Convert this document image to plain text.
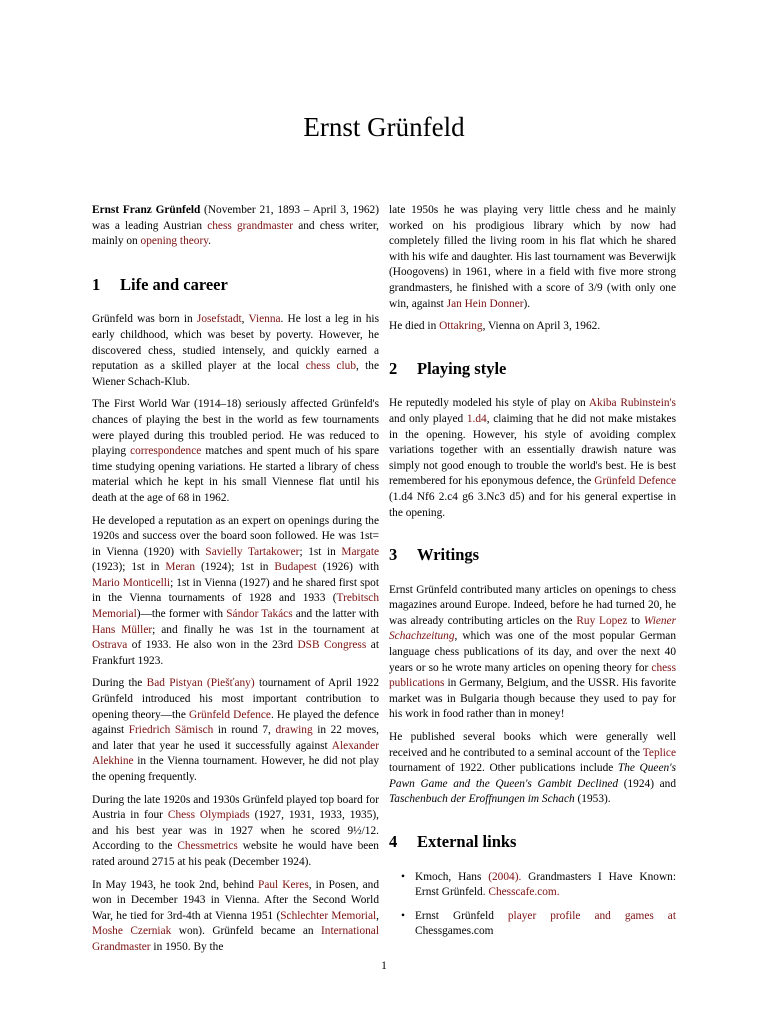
Ernst Grünfeld

Ernst Franz Grünfeld (November 21, 1893 – April 3, 1962) was a leading Austrian chess grandmaster and chess writer, mainly on opening theory.

1 Life and career

Grünfeld was born in Josefstadt, Vienna. He lost a leg in his early childhood, which was beset by poverty. However, he discovered chess, studied intensely, and quickly earned a reputation as a skilled player at the local chess club, the Wiener Schach-Klub.

The First World War (1914–18) seriously affected Grünfeld's chances of playing the best in the world as few tournaments were played during this troubled period. He was reduced to playing correspondence matches and spent much of his spare time studying opening variations. He started a library of chess material which he kept in his small Viennese flat until his death at the age of 68 in 1962.

He developed a reputation as an expert on openings during the 1920s and success over the board soon followed. He was 1st= in Vienna (1920) with Savielly Tartakower; 1st in Margate (1923); 1st in Meran (1924); 1st in Budapest (1926) with Mario Monticelli; 1st in Vienna (1927) and he shared first spot in the Vienna tournaments of 1928 and 1933 (Trebitsch Memorial)—the former with Sándor Takács and the latter with Hans Müller; and finally he was 1st in the tournament at Ostrava of 1933. He also won in the 23rd DSB Congress at Frankfurt 1923.

During the Bad Pistyan (Piešťany) tournament of April 1922 Grünfeld introduced his most important contribution to opening theory—the Grünfeld Defence. He played the defence against Friedrich Sämisch in round 7, drawing in 22 moves, and later that year he used it successfully against Alexander Alekhine in the Vienna tournament. However, he did not play the opening frequently.

During the late 1920s and 1930s Grünfeld played top board for Austria in four Chess Olympiads (1927, 1931, 1933, 1935), and his best year was in 1927 when he scored 9½/12. According to the Chessmetrics website he would have been rated around 2715 at his peak (December 1924).

In May 1943, he took 2nd, behind Paul Keres, in Posen, and won in December 1943 in Vienna. After the Second World War, he tied for 3rd-4th at Vienna 1951 (Schlechter Memorial, Moshe Czerniak won). Grünfeld became an International Grandmaster in 1950. By the

late 1950s he was playing very little chess and he mainly worked on his prodigious library which by now had completely filled the living room in his flat which he shared with his wife and daughter. His last tournament was Beverwijk (Hoogovens) in 1961, where in a field with five more strong grandmasters, he finished with a score of 3/9 (with only one win, against Jan Hein Donner).

He died in Ottakring, Vienna on April 3, 1962.

2 Playing style

He reputedly modeled his style of play on Akiba Rubinstein's and only played 1.d4, claiming that he did not make mistakes in the opening. However, his style of avoiding complex variations together with an essentially drawish nature was simply not good enough to trouble the world's best. He is best remembered for his eponymous defence, the Grünfeld Defence (1.d4 Nf6 2.c4 g6 3.Nc3 d5) and for his general expertise in the opening.

3 Writings

Ernst Grünfeld contributed many articles on openings to chess magazines around Europe. Indeed, before he had turned 20, he was already contributing articles on the Ruy Lopez to Wiener Schachzeitung, which was one of the most popular German language chess publications of its day, and over the next 40 years or so he wrote many articles on opening theory for chess publications in Germany, Belgium, and the USSR. His favorite market was in Bulgaria though because they used to pay for his work in food rather than in money!

He published several books which were generally well received and he contributed to a seminal account of the Teplice tournament of 1922. Other publications include The Queen's Pawn Game and the Queen's Gambit Declined (1924) and Taschenbuch der Eroffnungen im Schach (1953).

4 External links
• Kmoch, Hans (2004). Grandmasters I Have Known: Ernst Grünfeld. Chesscafe.com.
• Ernst Grünfeld player profile and games at Chessgames.com
1
